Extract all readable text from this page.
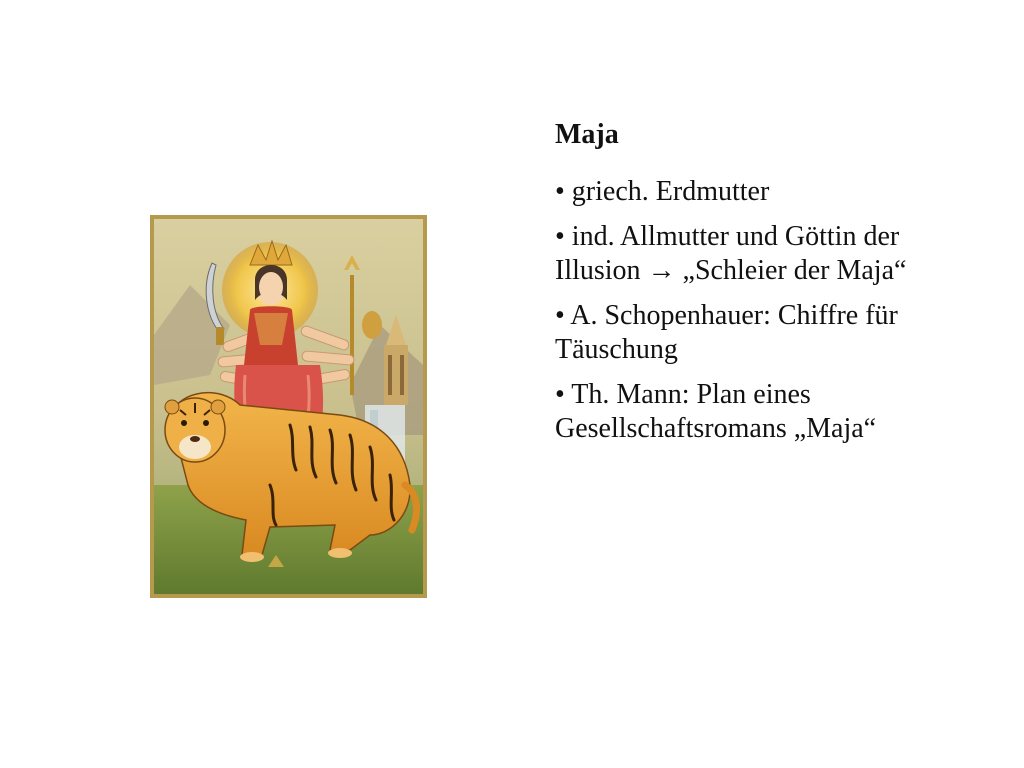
Maja
• griech. Erdmutter
• ind. Allmutter und Göttin der Illusion → „Schleier der Maja“
• A. Schopenhauer: Chiffre für Täuschung
• Th. Mann: Plan eines Gesellschaftsromans „Maja“
